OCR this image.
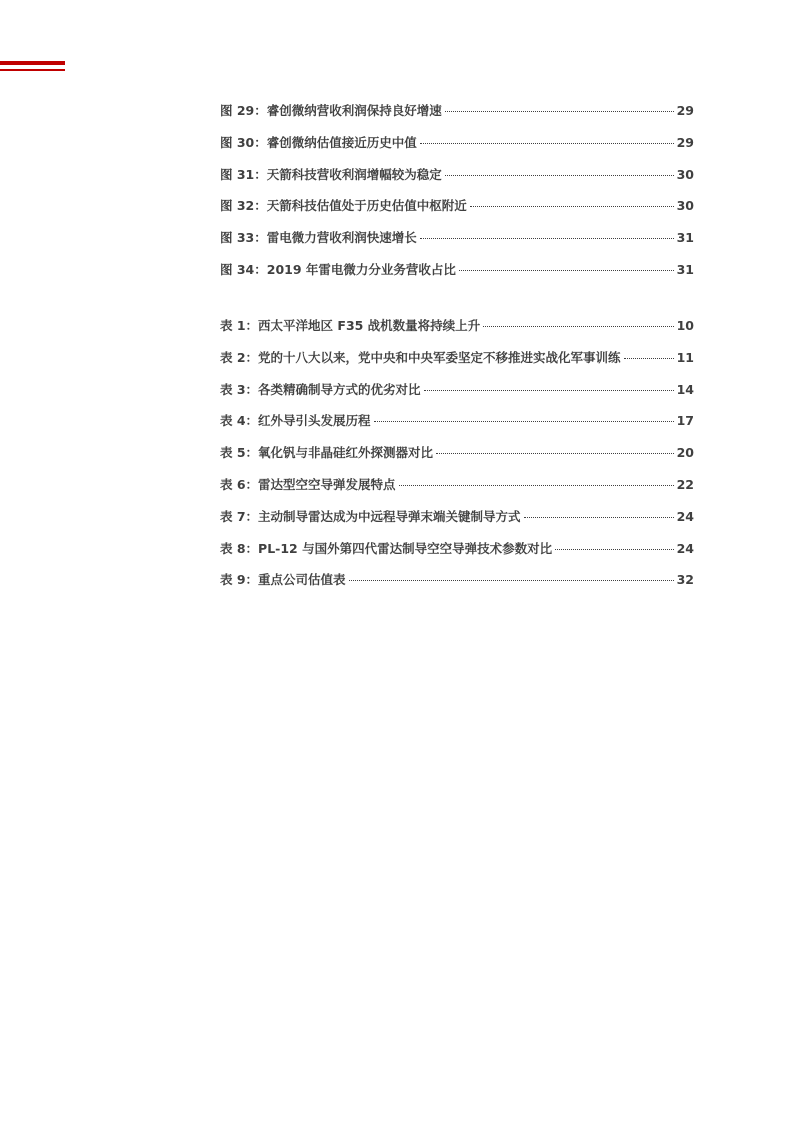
图 29：睿创微纳营收利润保持良好增速	29
图 30：睿创微纳估值接近历史中值	29
图 31：天箭科技营收利润增幅较为稳定	30
图 32：天箭科技估值处于历史估值中枢附近	30
图 33：雷电微力营收利润快速增长	31
图 34：2019 年雷电微力分业务营收占比	31
表 1：西太平洋地区 F35 战机数量将持续上升	10
表 2：党的十八大以来，党中央和中央军委坚定不移推进实战化军事训练	11
表 3：各类精确制导方式的优劣对比	14
表 4：红外导引头发展历程	17
表 5：氧化钒与非晶硅红外探测器对比	20
表 6：雷达型空空导弹发展特点	22
表 7：主动制导雷达成为中远程导弹末端关键制导方式	24
表 8：PL-12 与国外第四代雷达制导空空导弹技术参数对比	24
表 9：重点公司估值表	32
